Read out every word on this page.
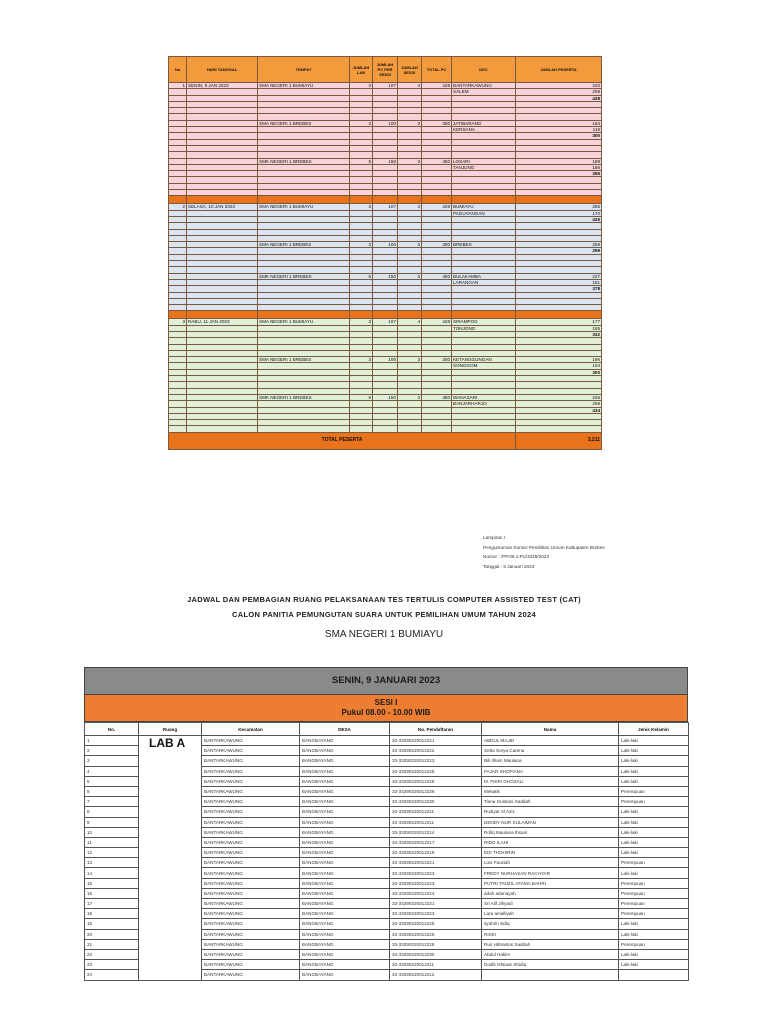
No	HARI TANGGAL	TEMPAT	JUMLAH LAB	JUMLAH PC PER SESSI	JUMLAH SESSI	TOTAL PC	KEC	JUMLAH PESERTA
1	SENIN, 9 JAN 2023	SMA NEGERI 1 BUMIAYU	3	107	4	428	BANTARKAWUNG	220
							SALEM	208
								428

		SMA NEGERI 1 BREBES	3	100	3	300	JATIBARANG	184
							KERSANA	116
								300

		SMK NEGERI 1 BREBES	5	150	3	450	LOSARI	189
							TANJUNG	166
								355

2	SELASA, 10 JAN 2023	SMA NEGERI 1 BUMIAYU	3	107	4	428	BUMIAYU	255
							PAGUYANGAN	170
								425

		SMA NEGERI 1 BREBES	3	100	3	300	BREBES	259
								259

		SMK NEGERI 1 BREBES	5	150	3	450	BULAKAMBA	227
							LARANGAN	151
								378

3	RABU, 11 JAN 2023	SMA NEGERI 1 BUMIAYU	3	107	4	428	SIRAMPOG	177
							TONJONG	155
								332

		SMA NEGERI 1 BREBES	3	100	3	300	KETANGGUNGAN	196
							SONGGOM	104
								300

		SMK NEGERI 1 BREBES	5	150	3	450	WANASARI	226
							BANJARHARJO	208
								434

TOTAL PESERTA								3,211
Lampiran I
Pengumuman Komisi Pemilihan Umum Kabupaten Brebes
Nomor : /PP.06.1-Pu/3329/2023
Tanggal : 6 Januari 2023
JADWAL DAN PEMBAGIAN RUANG PELAKSANAAN TES TERTULIS COMPUTER ASSISTED TEST (CAT)
CALON PANITIA PEMUNGUTAN SUARA UNTUK PEMILIHAN UMUM TAHUN 2024
SMA NEGERI 1 BUMIAYU
SENIN, 9 JANUARI 2023
SESI I
Pukul 08.00 - 10.00 WIB
No.	Ruang	Kecamatan	DESA	No. Pendaftaran	Nama	Jenis Kelamin
1	LAB A	BANTARKAWUNG	BANGBAYANG	33-33290220012221	ABDUL MAJID	Laki-laki
2		BANTARKAWUNG	BANGBAYANG	33-33290220012222	Seba Surya Carena	Laki-laki
3		BANTARKAWUNG	BANGBAYANG	33-33290220012223	Bili Ilham Maulana	Laki-laki
4		BANTARKAWUNG	BANGBAYANG	33-33290220012226	FAJAR SHOFIANA	Laki-laki
5		BANTARKAWUNG	BANGBAYANG	33-33290220012228	M. FIKRI GHOZALI	Laki-laki
6		BANTARKAWUNG	BANGBAYANG	33-33290220012229	Mekatik	Perempuan
7		BANTARKAWUNG	BANGBAYANG	33-33290220012230	Tiana Gustiani Saddah	Perempuan
8		BANTARKAWUNG	BANGBAYANG	33-33290220012211	Rudiyar Al Aziz	Laki-laki
9		BANTARKAWUNG	BANGBAYANG	33-33290220012211	DENDY NUR SULAIMAN	Laki-laki
10		BANTARKAWUNG	BANGBAYANG	33-33290220012214	Rofiq Maulana Ihsani	Laki-laki
11		BANTARKAWUNG	BANGBAYANG	33-33290220012217	RIDO ILAHI	Laki-laki
12		BANTARKAWUNG	BANGBAYANG	33-33290220012219	EDI THOHIRIN	Laki-laki
13		BANTARKAWUNG	BANGBAYANG	33-33290220012221	Lusi Fauziah	Perempuan
14		BANTARKAWUNG	BANGBAYANG	33-33290220012223	FREDY NURHASAN RACHYAR	Laki-laki
15		BANTARKAWUNG	BANGBAYANG	33-33290220012223	PUTRI TANZIL AFAMA BAHRI	Perempuan
16		BANTARKAWUNG	BANGBAYANG	33-33290220012224	adah adanayah	Perempuan
17		BANTARKAWUNG	BANGBAYANG	33-33290220012221	Sri Alif Jihyadi	Perempuan
18		BANTARKAWUNG	BANGBAYANG	33-33290220012223	Lara amalliyah	Perempuan
19		BANTARKAWUNG	BANGBAYANG	33-33290220012225	syahrin sidiq	Laki-laki
20		BANTARKAWUNG	BANGBAYANG	33-33290220012226	RISKI	Laki-laki
21		BANTARKAWUNG	BANGBAYANG	33-33290220012228	Ruri Hibrastus Saddah	Perempuan
22		BANTARKAWUNG	BANGBAYANG	33-33290220012230	Abdul Hakim	Laki-laki
23		BANTARKAWUNG	BANGBAYANG	33-33290220012211	Dodik Ishtiaar Shidiq	Laki-laki
24		BANTARKAWUNG	BANGBAYANG	33-33290220012212		
